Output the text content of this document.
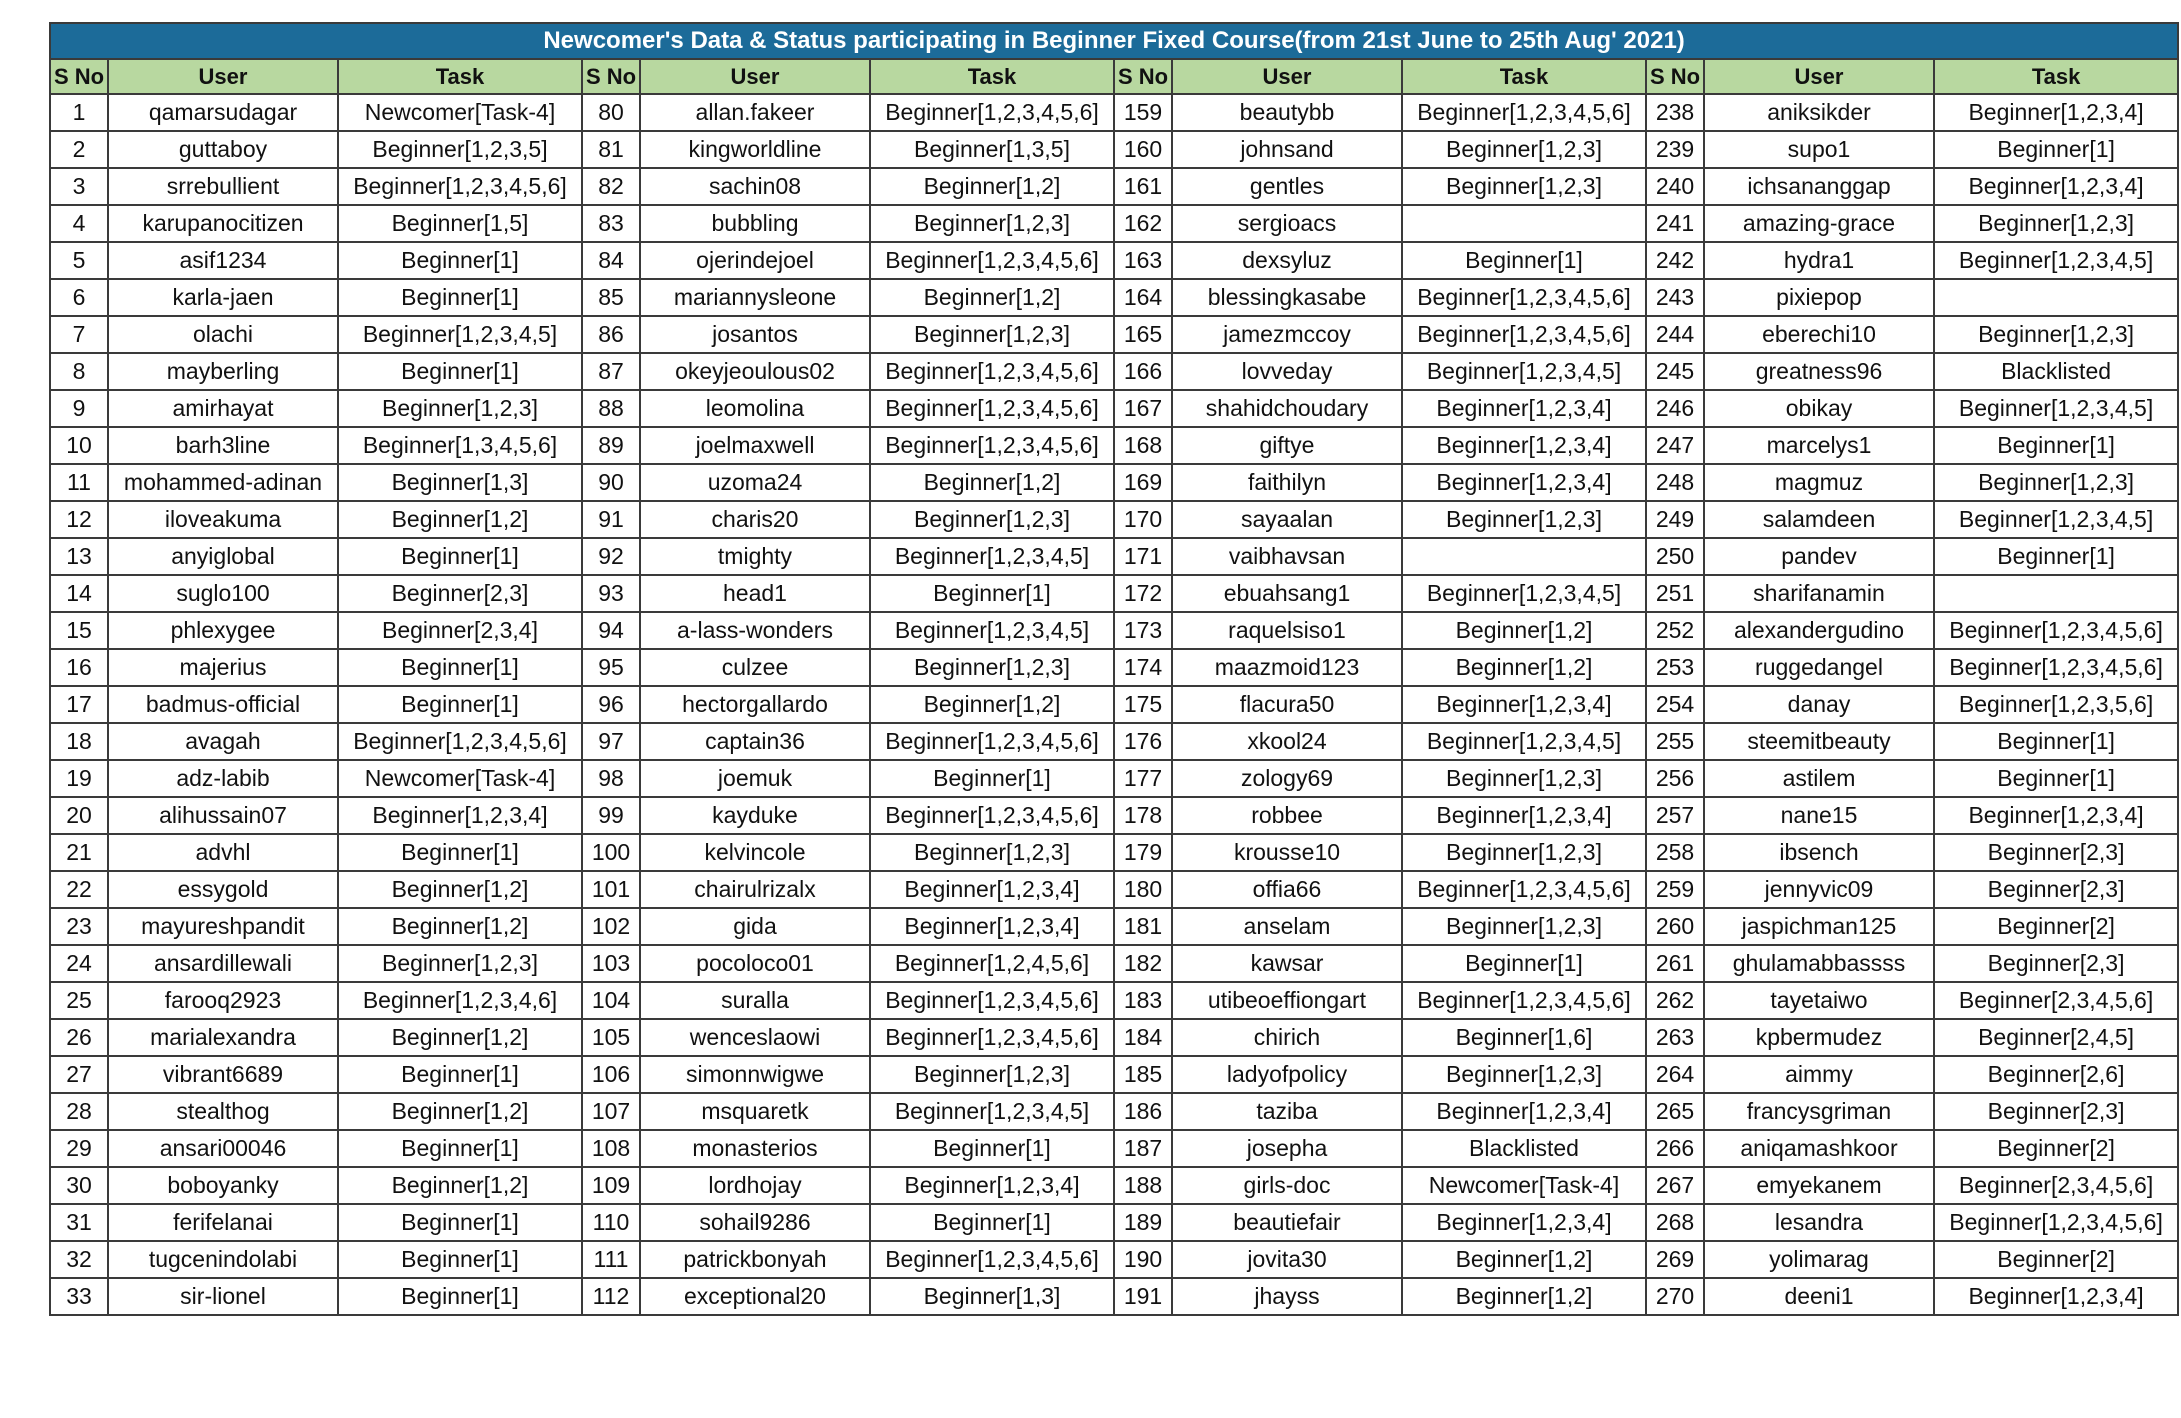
Newcomer's Data & Status participating in Beginner Fixed Course(from 21st June to 25th Aug' 2021)											
S No	User	Task	S No	User	Task	S No	User	Task	S No	User	Task
1	qamarsudagar	Newcomer[Task-4]	80	allan.fakeer	Beginner[1,2,3,4,5,6]	159	beautybb	Beginner[1,2,3,4,5,6]	238	aniksikder	Beginner[1,2,3,4]
2	guttaboy	Beginner[1,2,3,5]	81	kingworldline	Beginner[1,3,5]	160	johnsand	Beginner[1,2,3]	239	supo1	Beginner[1]
3	srrebullient	Beginner[1,2,3,4,5,6]	82	sachin08	Beginner[1,2]	161	gentles	Beginner[1,2,3]	240	ichsananggap	Beginner[1,2,3,4]
4	karupanocitizen	Beginner[1,5]	83	bubbling	Beginner[1,2,3]	162	sergioacs		241	amazing-grace	Beginner[1,2,3]
5	asif1234	Beginner[1]	84	ojerindejoel	Beginner[1,2,3,4,5,6]	163	dexsyluz	Beginner[1]	242	hydra1	Beginner[1,2,3,4,5]
6	karla-jaen	Beginner[1]	85	mariannysleone	Beginner[1,2]	164	blessingkasabe	Beginner[1,2,3,4,5,6]	243	pixiepop	
7	olachi	Beginner[1,2,3,4,5]	86	josantos	Beginner[1,2,3]	165	jamezmccoy	Beginner[1,2,3,4,5,6]	244	eberechi10	Beginner[1,2,3]
8	mayberling	Beginner[1]	87	okeyjeoulous02	Beginner[1,2,3,4,5,6]	166	lovveday	Beginner[1,2,3,4,5]	245	greatness96	Blacklisted
9	amirhayat	Beginner[1,2,3]	88	leomolina	Beginner[1,2,3,4,5,6]	167	shahidchoudary	Beginner[1,2,3,4]	246	obikay	Beginner[1,2,3,4,5]
10	barh3line	Beginner[1,3,4,5,6]	89	joelmaxwell	Beginner[1,2,3,4,5,6]	168	giftye	Beginner[1,2,3,4]	247	marcelys1	Beginner[1]
11	mohammed-adinan	Beginner[1,3]	90	uzoma24	Beginner[1,2]	169	faithilyn	Beginner[1,2,3,4]	248	magmuz	Beginner[1,2,3]
12	iloveakuma	Beginner[1,2]	91	charis20	Beginner[1,2,3]	170	sayaalan	Beginner[1,2,3]	249	salamdeen	Beginner[1,2,3,4,5]
13	anyiglobal	Beginner[1]	92	tmighty	Beginner[1,2,3,4,5]	171	vaibhavsan		250	pandev	Beginner[1]
14	suglo100	Beginner[2,3]	93	head1	Beginner[1]	172	ebuahsang1	Beginner[1,2,3,4,5]	251	sharifanamin	
15	phlexygee	Beginner[2,3,4]	94	a-lass-wonders	Beginner[1,2,3,4,5]	173	raquelsiso1	Beginner[1,2]	252	alexandergudino	Beginner[1,2,3,4,5,6]
16	majerius	Beginner[1]	95	culzee	Beginner[1,2,3]	174	maazmoid123	Beginner[1,2]	253	ruggedangel	Beginner[1,2,3,4,5,6]
17	badmus-official	Beginner[1]	96	hectorgallardo	Beginner[1,2]	175	flacura50	Beginner[1,2,3,4]	254	danay	Beginner[1,2,3,5,6]
18	avagah	Beginner[1,2,3,4,5,6]	97	captain36	Beginner[1,2,3,4,5,6]	176	xkool24	Beginner[1,2,3,4,5]	255	steemitbeauty	Beginner[1]
19	adz-labib	Newcomer[Task-4]	98	joemuk	Beginner[1]	177	zology69	Beginner[1,2,3]	256	astilem	Beginner[1]
20	alihussain07	Beginner[1,2,3,4]	99	kayduke	Beginner[1,2,3,4,5,6]	178	robbee	Beginner[1,2,3,4]	257	nane15	Beginner[1,2,3,4]
21	advhl	Beginner[1]	100	kelvincole	Beginner[1,2,3]	179	krousse10	Beginner[1,2,3]	258	ibsench	Beginner[2,3]
22	essygold	Beginner[1,2]	101	chairulrizalx	Beginner[1,2,3,4]	180	offia66	Beginner[1,2,3,4,5,6]	259	jennyvic09	Beginner[2,3]
23	mayureshpandit	Beginner[1,2]	102	gida	Beginner[1,2,3,4]	181	anselam	Beginner[1,2,3]	260	jaspichman125	Beginner[2]
24	ansardillewali	Beginner[1,2,3]	103	pocoloco01	Beginner[1,2,4,5,6]	182	kawsar	Beginner[1]	261	ghulamabbassss	Beginner[2,3]
25	farooq2923	Beginner[1,2,3,4,6]	104	suralla	Beginner[1,2,3,4,5,6]	183	utibeoeffiongart	Beginner[1,2,3,4,5,6]	262	tayetaiwo	Beginner[2,3,4,5,6]
26	marialexandra	Beginner[1,2]	105	wenceslaowi	Beginner[1,2,3,4,5,6]	184	chirich	Beginner[1,6]	263	kpbermudez	Beginner[2,4,5]
27	vibrant6689	Beginner[1]	106	simonnwigwe	Beginner[1,2,3]	185	ladyofpolicy	Beginner[1,2,3]	264	aimmy	Beginner[2,6]
28	stealthog	Beginner[1,2]	107	msquaretk	Beginner[1,2,3,4,5]	186	taziba	Beginner[1,2,3,4]	265	francysgriman	Beginner[2,3]
29	ansari00046	Beginner[1]	108	monasterios	Beginner[1]	187	josepha	Blacklisted	266	aniqamashkoor	Beginner[2]
30	boboyanky	Beginner[1,2]	109	lordhojay	Beginner[1,2,3,4]	188	girls-doc	Newcomer[Task-4]	267	emyekanem	Beginner[2,3,4,5,6]
31	ferifelanai	Beginner[1]	110	sohail9286	Beginner[1]	189	beautiefair	Beginner[1,2,3,4]	268	lesandra	Beginner[1,2,3,4,5,6]
32	tugcenindolabi	Beginner[1]	111	patrickbonyah	Beginner[1,2,3,4,5,6]	190	jovita30	Beginner[1,2]	269	yolimarag	Beginner[2]
33	sir-lionel	Beginner[1]	112	exceptional20	Beginner[1,3]	191	jhayss	Beginner[1,2]	270	deeni1	Beginner[1,2,3,4]
